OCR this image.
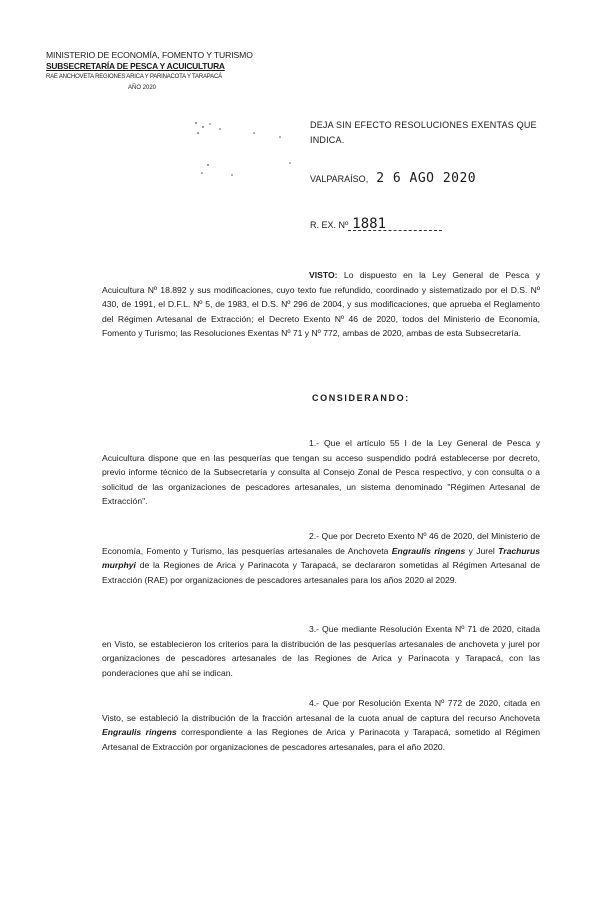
MINISTERIO DE ECONOMÍA, FOMENTO Y TURISMO
SUBSECRETARÍA DE PESCA Y ACUICULTURA
RAE ANCHOVETA REGIONES ARICA Y PARINACOTA Y TARAPACÁ
AÑO 2020
DEJA SIN EFECTO RESOLUCIONES EXENTAS QUE INDICA.
VALPARAÍSO, 2 6 AGO 2020
R. EX. Nº 1881

VISTO: Lo dispuesto en la Ley General de Pesca y Acuicultura Nº 18.892 y sus modificaciones, cuyo texto fue refundido, coordinado y sistematizado por el D.S. Nº 430, de 1991, el D.F.L. Nº 5, de 1983, el D.S. Nº 296 de 2004, y sus modificaciones, que aprueba el Reglamento del Régimen Artesanal de Extracción; el Decreto Exento Nº 46 de 2020, todos del Ministerio de Economía, Fomento y Turismo; las Resoluciones Exentas Nº 71 y Nº 772, ambas de 2020, ambas de esta Subsecretaría.

CONSIDERANDO:

1.- Que el artículo 55 I de la Ley General de Pesca y Acuicultura dispone que en las pesquerías que tengan su acceso suspendido podrá establecerse por decreto, previo informe técnico de la Subsecretaría y consulta al Consejo Zonal de Pesca respectivo, y con consulta o a solicitud de las organizaciones de pescadores artesanales, un sistema denominado "Régimen Artesanal de Extracción".

2.- Que por Decreto Exento Nº 46 de 2020, del Ministerio de Economía, Fomento y Turismo, las pesquerías artesanales de Anchoveta Engraulis ringens y Jurel Trachurus murphyi de la Regiones de Arica y Parinacota y Tarapacá, se declararon sometidas al Régimen Artesanal de Extracción (RAE) por organizaciones de pescadores artesanales para los años 2020 al 2029.

3.- Que mediante Resolución Exenta Nº 71 de 2020, citada en Visto, se establecieron los criterios para la distribución de las pesquerías artesanales de anchoveta y jurel por organizaciones de pescadores artesanales de las Regiones de Arica y Parinacota y Tarapacá, con las ponderaciones que ahí se indican.

4.- Que por Resolución Exenta Nº 772 de 2020, citada en Visto, se estableció la distribución de la fracción artesanal de la cuota anual de captura del recurso Anchoveta Engraulis ringens correspondiente a las Regiones de Arica y Parinacota y Tarapacá, sometido al Régimen Artesanal de Extracción por organizaciones de pescadores artesanales, para el año 2020.
